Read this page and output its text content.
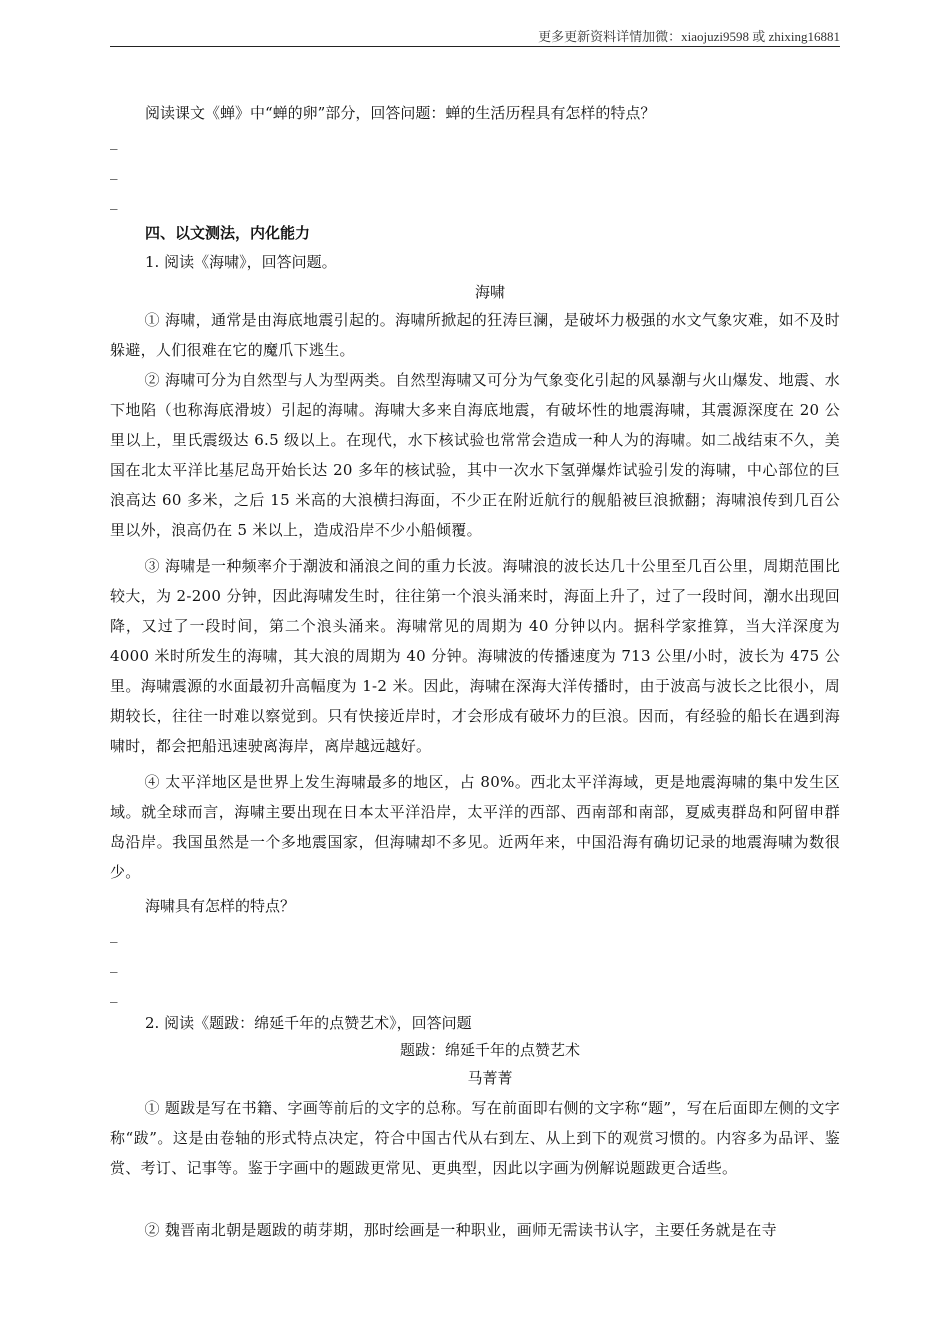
更多更新资料详情加微：xiaojuzi9598 或 zhixing16881
阅读课文《蝉》中“蝉的卵”部分，回答问题：蝉的生活历程具有怎样的特点？
_
_
_
四、以文测法，内化能力
1. 阅读《海啸》，回答问题。
海啸
① 海啸，通常是由海底地震引起的。海啸所掀起的狂涛巨澜，是破坏力极强的水文气象灾难，如不及时躲避，人们很难在它的魔爪下逃生。
② 海啸可分为自然型与人为型两类。自然型海啸又可分为气象变化引起的风暴潮与火山爆发、地震、水下地陷（也称海底滑坡）引起的海啸。海啸大多来自海底地震，有破坏性的地震海啸，其震源深度在 20 公里以上，里氏震级达 6.5 级以上。在现代，水下核试验也常常会造成一种人为的海啸。如二战结束不久，美国在北太平洋比基尼岛开始长达 20 多年的核试验，其中一次水下氢弹爆炸试验引发的海啸，中心部位的巨浪高达 60 多米，之后 15 米高的大浪横扫海面，不少正在附近航行的舰船被巨浪掀翻；海啸浪传到几百公里以外，浪高仍在 5 米以上，造成沿岸不少小船倾覆。
③ 海啸是一种频率介于潮波和涌浪之间的重力长波。海啸浪的波长达几十公里至几百公里，周期范围比较大，为 2-200 分钟，因此海啸发生时，往往第一个浪头涌来时，海面上升了，过了一段时间，潮水出现回降，又过了一段时间，第二个浪头涌来。海啸常见的周期为 40 分钟以内。据科学家推算，当大洋深度为 4000 米时所发生的海啸，其大浪的周期为 40 分钟。海啸波的传播速度为 713 公里/小时，波长为 475 公里。海啸震源的水面最初升高幅度为 1-2 米。因此，海啸在深海大洋传播时，由于波高与波长之比很小，周期较长，往往一时难以察觉到。只有快接近岸时，才会形成有破坏力的巨浪。因而，有经验的船长在遇到海啸时，都会把船迅速驶离海岸，离岸越远越好。
④ 太平洋地区是世界上发生海啸最多的地区，占 80%。西北太平洋海域，更是地震海啸的集中发生区域。就全球而言，海啸主要出现在日本太平洋沿岸，太平洋的西部、西南部和南部，夏威夷群岛和阿留申群岛沿岸。我国虽然是一个多地震国家，但海啸却不多见。近两年来，中国沿海有确切记录的地震海啸为数很少。
海啸具有怎样的特点？
_
_
_
2. 阅读《题跋：绵延千年的点赞艺术》，回答问题
题跋：绵延千年的点赞艺术
马菁菁
① 题跋是写在书籍、字画等前后的文字的总称。写在前面即右侧的文字称“题”，写在后面即左侧的文字称“跋”。这是由卷轴的形式特点决定，符合中国古代从右到左、从上到下的观赏习惯的。内容多为品评、鉴赏、考订、记事等。鉴于字画中的题跋更常见、更典型，因此以字画为例解说题跋更合适些。
② 魏晋南北朝是题跋的萌芽期，那时绘画是一种职业，画师无需读书认字，主要任务就是在寺
